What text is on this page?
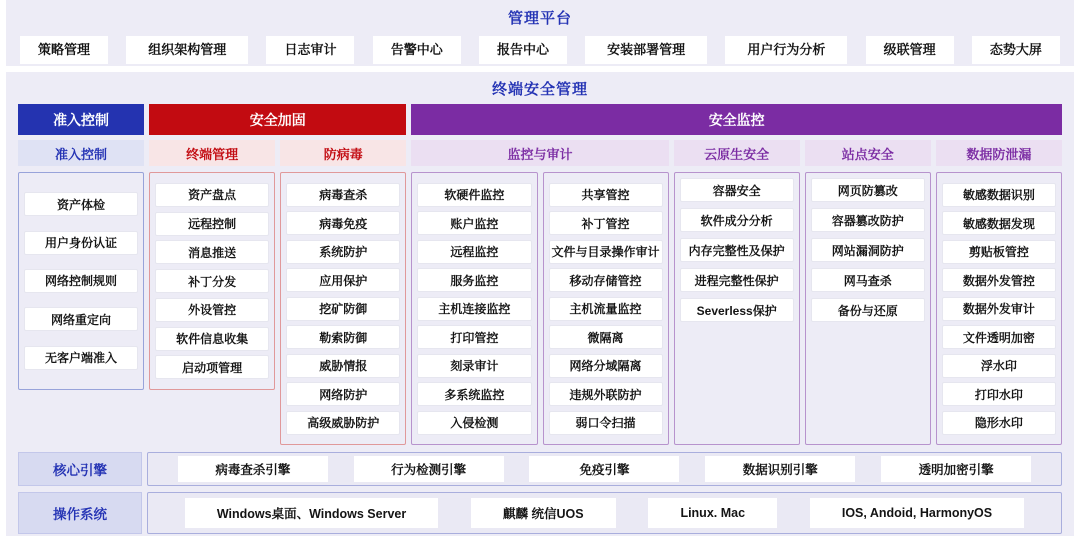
管理平台
策略管理	组织架构管理	日志审计	告警中心	报告中心	安装部署管理	用户行为分析	级联管理	态势大屏
终端安全管理
准入控制	安全加固	安全监控
准入控制	终端管理	防病毒	监控与审计	云原生安全	站点安全	数据防泄漏
资产体检
用户身份认证
网络控制规则
网络重定向
无客户端准入
资产盘点
远程控制
消息推送
补丁分发
外设管控
软件信息收集
启动项管理
病毒查杀
病毒免疫
系统防护
应用保护
挖矿防御
勒索防御
威胁情报
网络防护
高级威胁防护
软硬件监控
账户监控
远程监控
服务监控
主机连接监控
打印管控
刻录审计
多系统监控
入侵检测
共享管控
补丁管控
文件与目录操作审计
移动存储管控
主机流量监控
微隔离
网络分域隔离
违规外联防护
弱口令扫描
容器安全
软件成分分析
内存完整性及保护
进程完整性保护
Severless保护
网页防篡改
容器篡改防护
网站漏洞防护
网马查杀
备份与还原
敏感数据识别
敏感数据发现
剪贴板管控
数据外发管控
数据外发审计
文件透明加密
浮水印
打印水印
隐形水印
核心引擎	病毒查杀引擎	行为检测引擎	免疫引擎	数据识别引擎	透明加密引擎
操作系统	Windows桌面、Windows Server	麒麟 统信UOS	Linux. Mac	IOS, Andoid, HarmonyOS
